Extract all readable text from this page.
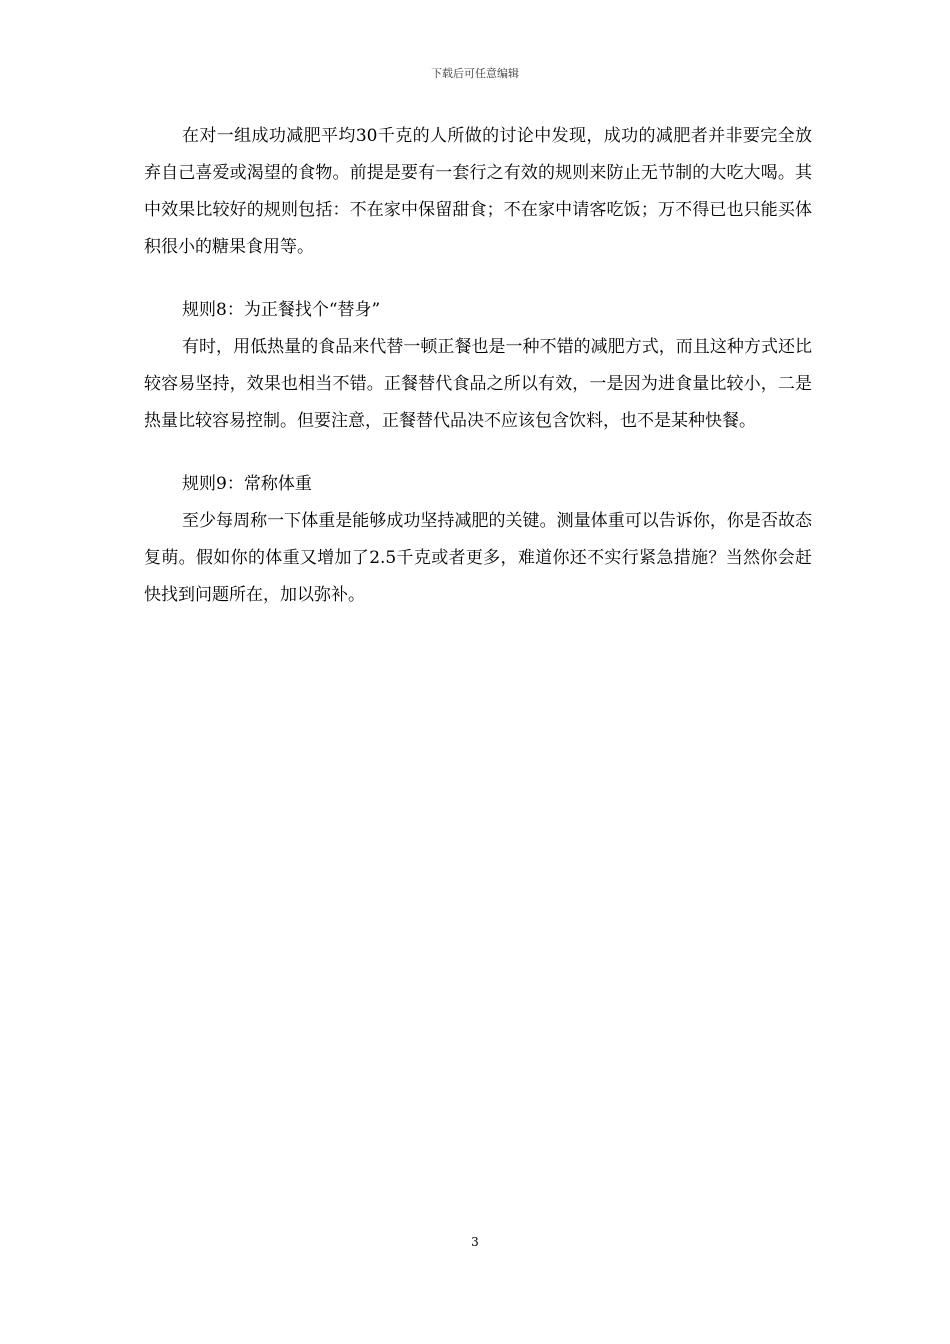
下载后可任意编辑

在对一组成功减肥平均30千克的人所做的讨论中发现，成功的减肥者并非要完全放弃自己喜爱或渴望的食物。前提是要有一套行之有效的规则来防止无节制的大吃大喝。其中效果比较好的规则包括：不在家中保留甜食；不在家中请客吃饭；万不得已也只能买体积很小的糖果食用等。

规则8：为正餐找个“替身”

有时，用低热量的食品来代替一顿正餐也是一种不错的减肥方式，而且这种方式还比较容易坚持，效果也相当不错。正餐替代食品之所以有效，一是因为进食量比较小，二是热量比较容易控制。但要注意，正餐替代品决不应该包含饮料，也不是某种快餐。

规则9：常称体重

至少每周称一下体重是能够成功坚持减肥的关键。测量体重可以告诉你，你是否故态复萌。假如你的体重又增加了2.5千克或者更多，难道你还不实行紧急措施？当然你会赶快找到问题所在，加以弥补。

3
